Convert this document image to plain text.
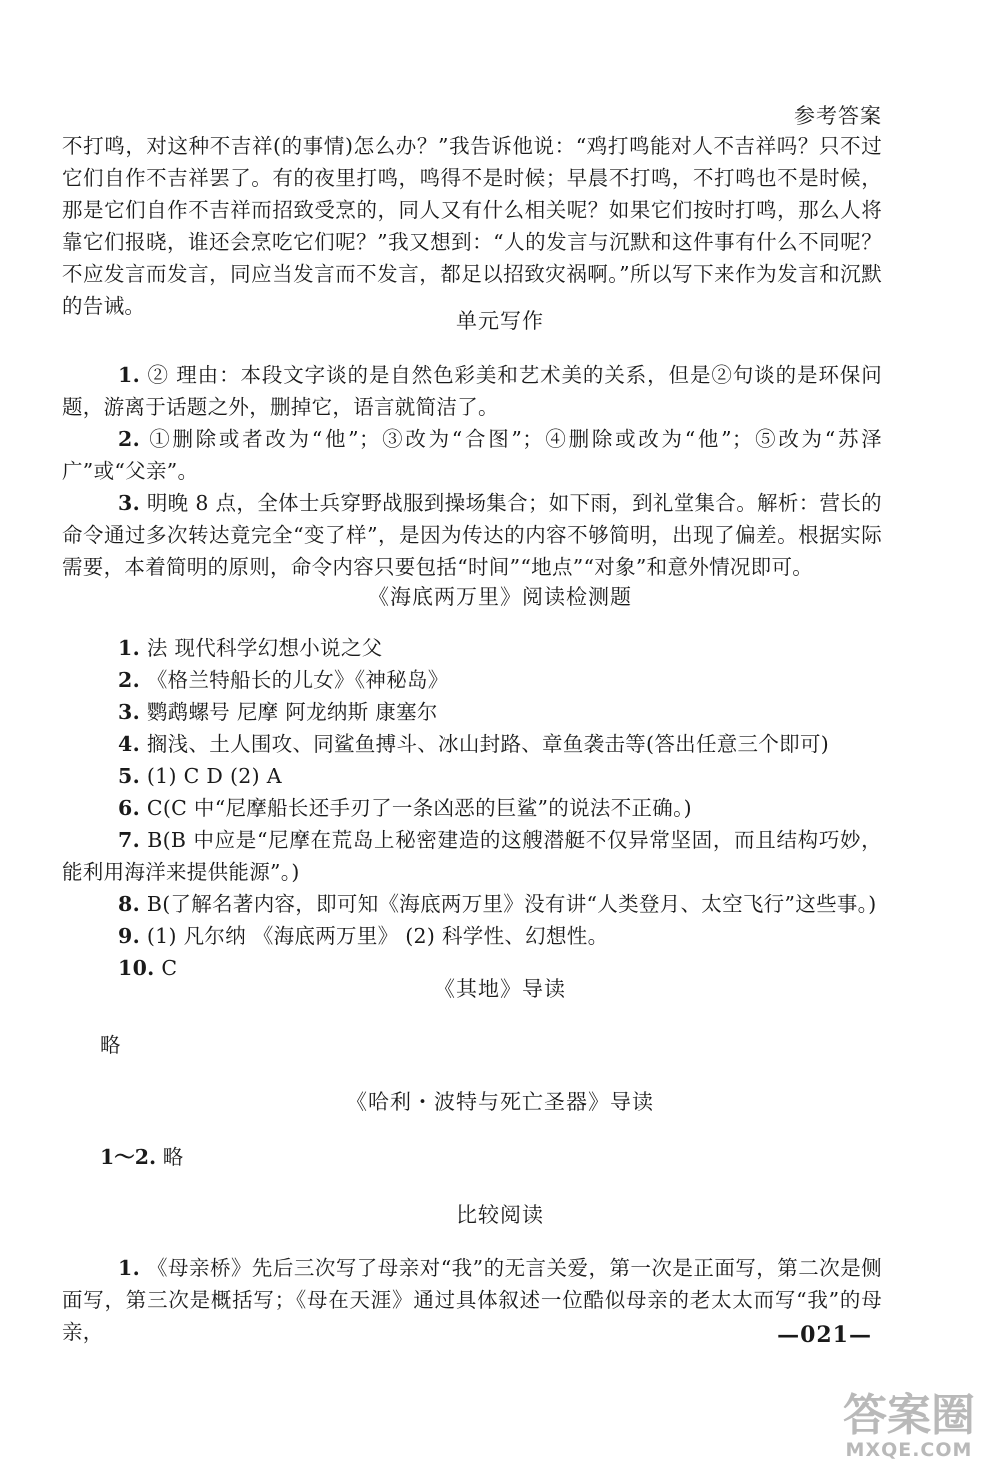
参考答案
不打鸣，对这种不吉祥(的事情)怎么办？”我告诉他说：“鸡打鸣能对人不吉祥吗？只不过它们自作不吉祥罢了。有的夜里打鸣，鸣得不是时候；早晨不打鸣，不打鸣也不是时候，那是它们自作不吉祥而招致受烹的，同人又有什么相关呢？如果它们按时打鸣，那么人将靠它们报晓，谁还会烹吃它们呢？”我又想到：“人的发言与沉默和这件事有什么不同呢？不应发言而发言，同应当发言而不发言，都足以招致灾祸啊。”所以写下来作为发言和沉默的告诫。
单元写作
1. ② 理由：本段文字谈的是自然色彩美和艺术美的关系，但是②句谈的是环保问题，游离于话题之外，删掉它，语言就简洁了。
2. ①删除或者改为“他”；③改为“合图”；④删除或改为“他”；⑤改为“苏泽广”或“父亲”。
3. 明晚 8 点，全体士兵穿野战服到操场集合；如下雨，到礼堂集合。解析：营长的命令通过多次转达竟完全“变了样”，是因为传达的内容不够简明，出现了偏差。根据实际需要，本着简明的原则，命令内容只要包括“时间”“地点”“对象”和意外情况即可。
《海底两万里》阅读检测题
1. 法 现代科学幻想小说之父
2. 《格兰特船长的儿女》《神秘岛》
3. 鹦鹉螺号 尼摩 阿龙纳斯 康塞尔
4. 搁浅、土人围攻、同鲨鱼搏斗、冰山封路、章鱼袭击等(答出任意三个即可)
5. (1) C D (2) A
6. C(C 中“尼摩船长还手刃了一条凶恶的巨鲨”的说法不正确。)
7. B(B 中应是“尼摩在荒岛上秘密建造的这艘潜艇不仅异常坚固，而且结构巧妙，能利用海洋来提供能源”。)
8. B(了解名著内容，即可知《海底两万里》没有讲“人类登月、太空飞行”这些事。)
9. (1) 凡尔纳 《海底两万里》 (2) 科学性、幻想性。
10. C
《其地》导读
略
《哈利・波特与死亡圣器》导读
1～2. 略
比较阅读
1. 《母亲桥》先后三次写了母亲对“我”的无言关爱，第一次是正面写，第二次是侧面写，第三次是概括写；《母在天涯》通过具体叙述一位酷似母亲的老太太而写“我”的母亲，	—021—
答案圈
MXQE.COM
